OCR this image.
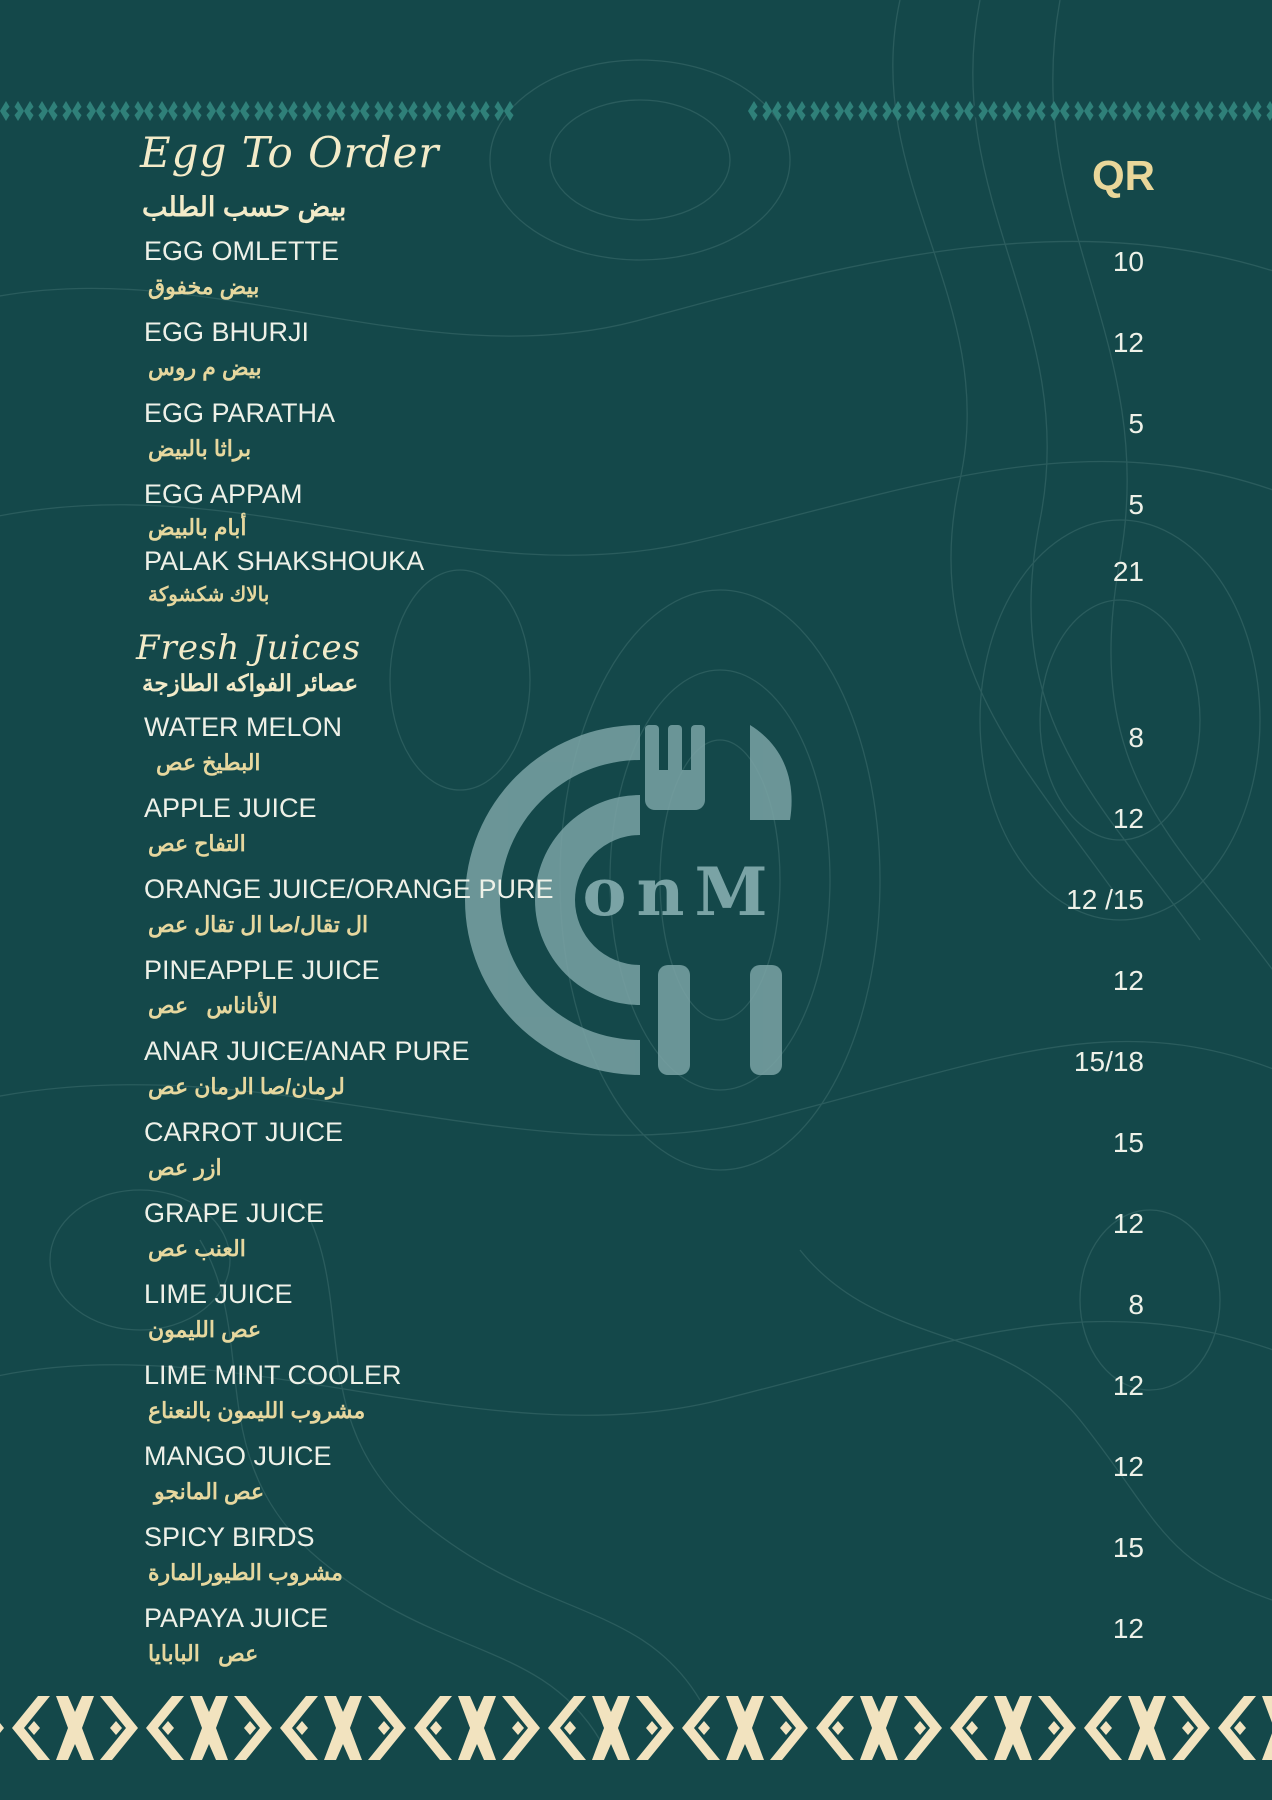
onM
QR
Egg To Order
بيض حسب الطلب
EGG OMLETTE
بيض مخفوق
10
EGG BHURJI
بيض م روس
12
EGG PARATHA
براثا بالبيض
5
EGG APPAM
أبام بالبيض
5
PALAK SHAKSHOUKA
بالاك شكشوكة
21
Fresh Juices
عصائر الفواكه الطازجة
WATER MELON
البطيخ عص
8
APPLE JUICE
التفاح عص
12
ORANGE JUICE/ORANGE PURE
ال تقال/صا ال تقال عص
12 /15
PINEAPPLE JUICE
الأناناس   عص
12
ANAR JUICE/ANAR PURE
لرمان/صا الرمان عص
15/18
CARROT JUICE
ازر عص
15
GRAPE JUICE
العنب عص
12
LIME JUICE
عص الليمون
8
LIME MINT COOLER
مشروب الليمون بالنعناع
12
MANGO JUICE
عص المانجو
12
SPICY BIRDS
مشروب الطيورالمارة
15
PAPAYA JUICE
عص   البابايا
12
